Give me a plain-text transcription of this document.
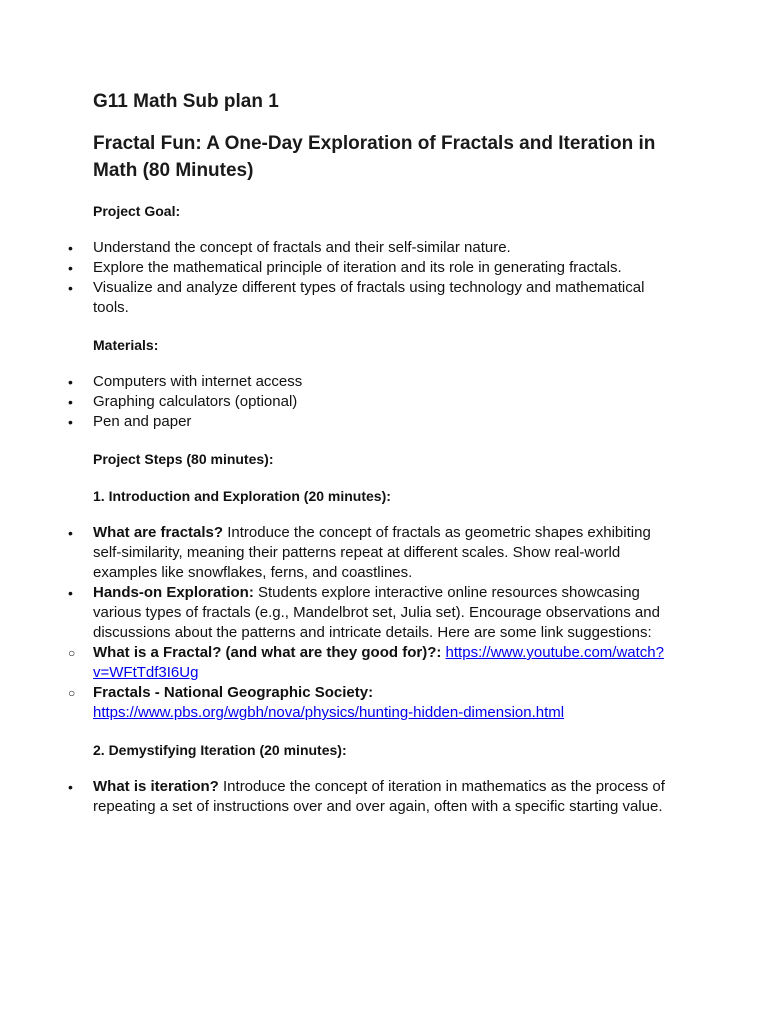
G11 Math Sub plan 1
Fractal Fun: A One-Day Exploration of Fractals and Iteration in Math (80 Minutes)
Project Goal:
•	Understand the concept of fractals and their self-similar nature.
•	Explore the mathematical principle of iteration and its role in generating fractals.
•	Visualize and analyze different types of fractals using technology and mathematical tools.
Materials:
•	Computers with internet access
•	Graphing calculators (optional)
•	Pen and paper
Project Steps (80 minutes):
1. Introduction and Exploration (20 minutes):
•	What are fractals? Introduce the concept of fractals as geometric shapes exhibiting self-similarity, meaning their patterns repeat at different scales. Show real-world examples like snowflakes, ferns, and coastlines.
•	Hands-on Exploration: Students explore interactive online resources showcasing various types of fractals (e.g., Mandelbrot set, Julia set). Encourage observations and discussions about the patterns and intricate details. Here are some link suggestions:
○	What is a Fractal? (and what are they good for)?: https://www.youtube.com/watch?v=WFtTdf3I6Ug
○	Fractals - National Geographic Society: https://www.pbs.org/wgbh/nova/physics/hunting-hidden-dimension.html
2. Demystifying Iteration (20 minutes):
•	What is iteration? Introduce the concept of iteration in mathematics as the process of repeating a set of instructions over and over again, often with a specific starting value.
